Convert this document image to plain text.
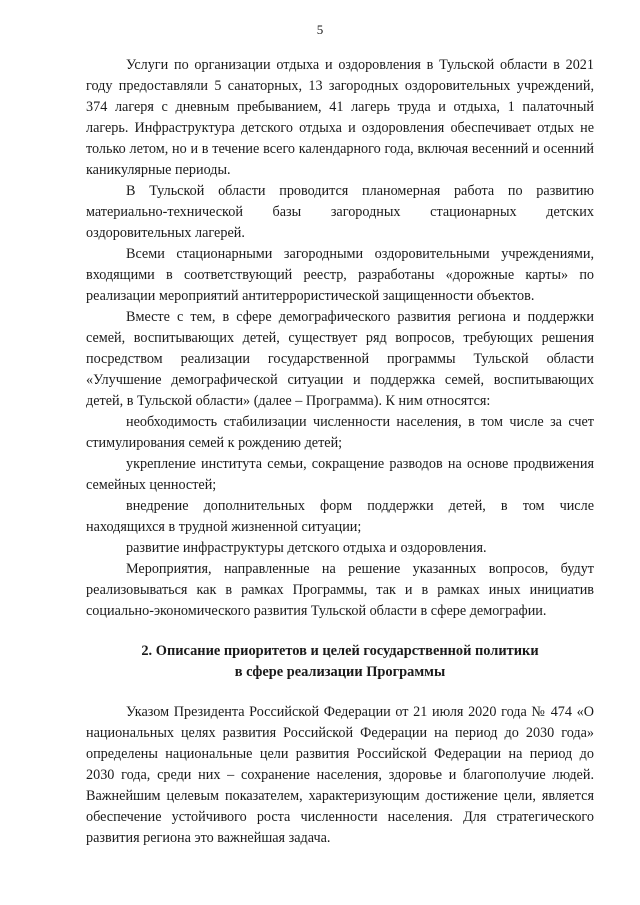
5

Услуги по организации отдыха и оздоровления в Тульской области в 2021 году предоставляли 5 санаторных, 13 загородных оздоровительных учреждений, 374 лагеря с дневным пребыванием, 41 лагерь труда и отдыха, 1 палаточный лагерь. Инфраструктура детского отдыха и оздоровления обеспечивает отдых не только летом, но и в течение всего календарного года, включая весенний и осенний каникулярные периоды.

В Тульской области проводится планомерная работа по развитию материально-технической базы загородных стационарных детских оздоровительных лагерей.

Всеми стационарными загородными оздоровительными учреждениями, входящими в соответствующий реестр, разработаны «дорожные карты» по реализации мероприятий антитеррористической защищенности объектов.

Вместе с тем, в сфере демографического развития региона и поддержки семей, воспитывающих детей, существует ряд вопросов, требующих решения посредством реализации государственной программы Тульской области «Улучшение демографической ситуации и поддержка семей, воспитывающих детей, в Тульской области» (далее – Программа). К ним относятся:

необходимость стабилизации численности населения, в том числе за счет стимулирования семей к рождению детей;

укрепление института семьи, сокращение разводов на основе продвижения семейных ценностей;

внедрение дополнительных форм поддержки детей, в том числе находящихся в трудной жизненной ситуации;

развитие инфраструктуры детского отдыха и оздоровления.

Мероприятия, направленные на решение указанных вопросов, будут реализовываться как в рамках Программы, так и в рамках иных инициатив социально-экономического развития Тульской области в сфере демографии.

2. Описание приоритетов и целей государственной политики
в сфере реализации Программы

Указом Президента Российской Федерации от 21 июля 2020 года № 474 «О национальных целях развития Российской Федерации на период до 2030 года» определены национальные цели развития Российской Федерации на период до 2030 года, среди них – сохранение населения, здоровье и благополучие людей. Важнейшим целевым показателем, характеризующим достижение цели, является обеспечение устойчивого роста численности населения. Для стратегического развития региона это важнейшая задача.
